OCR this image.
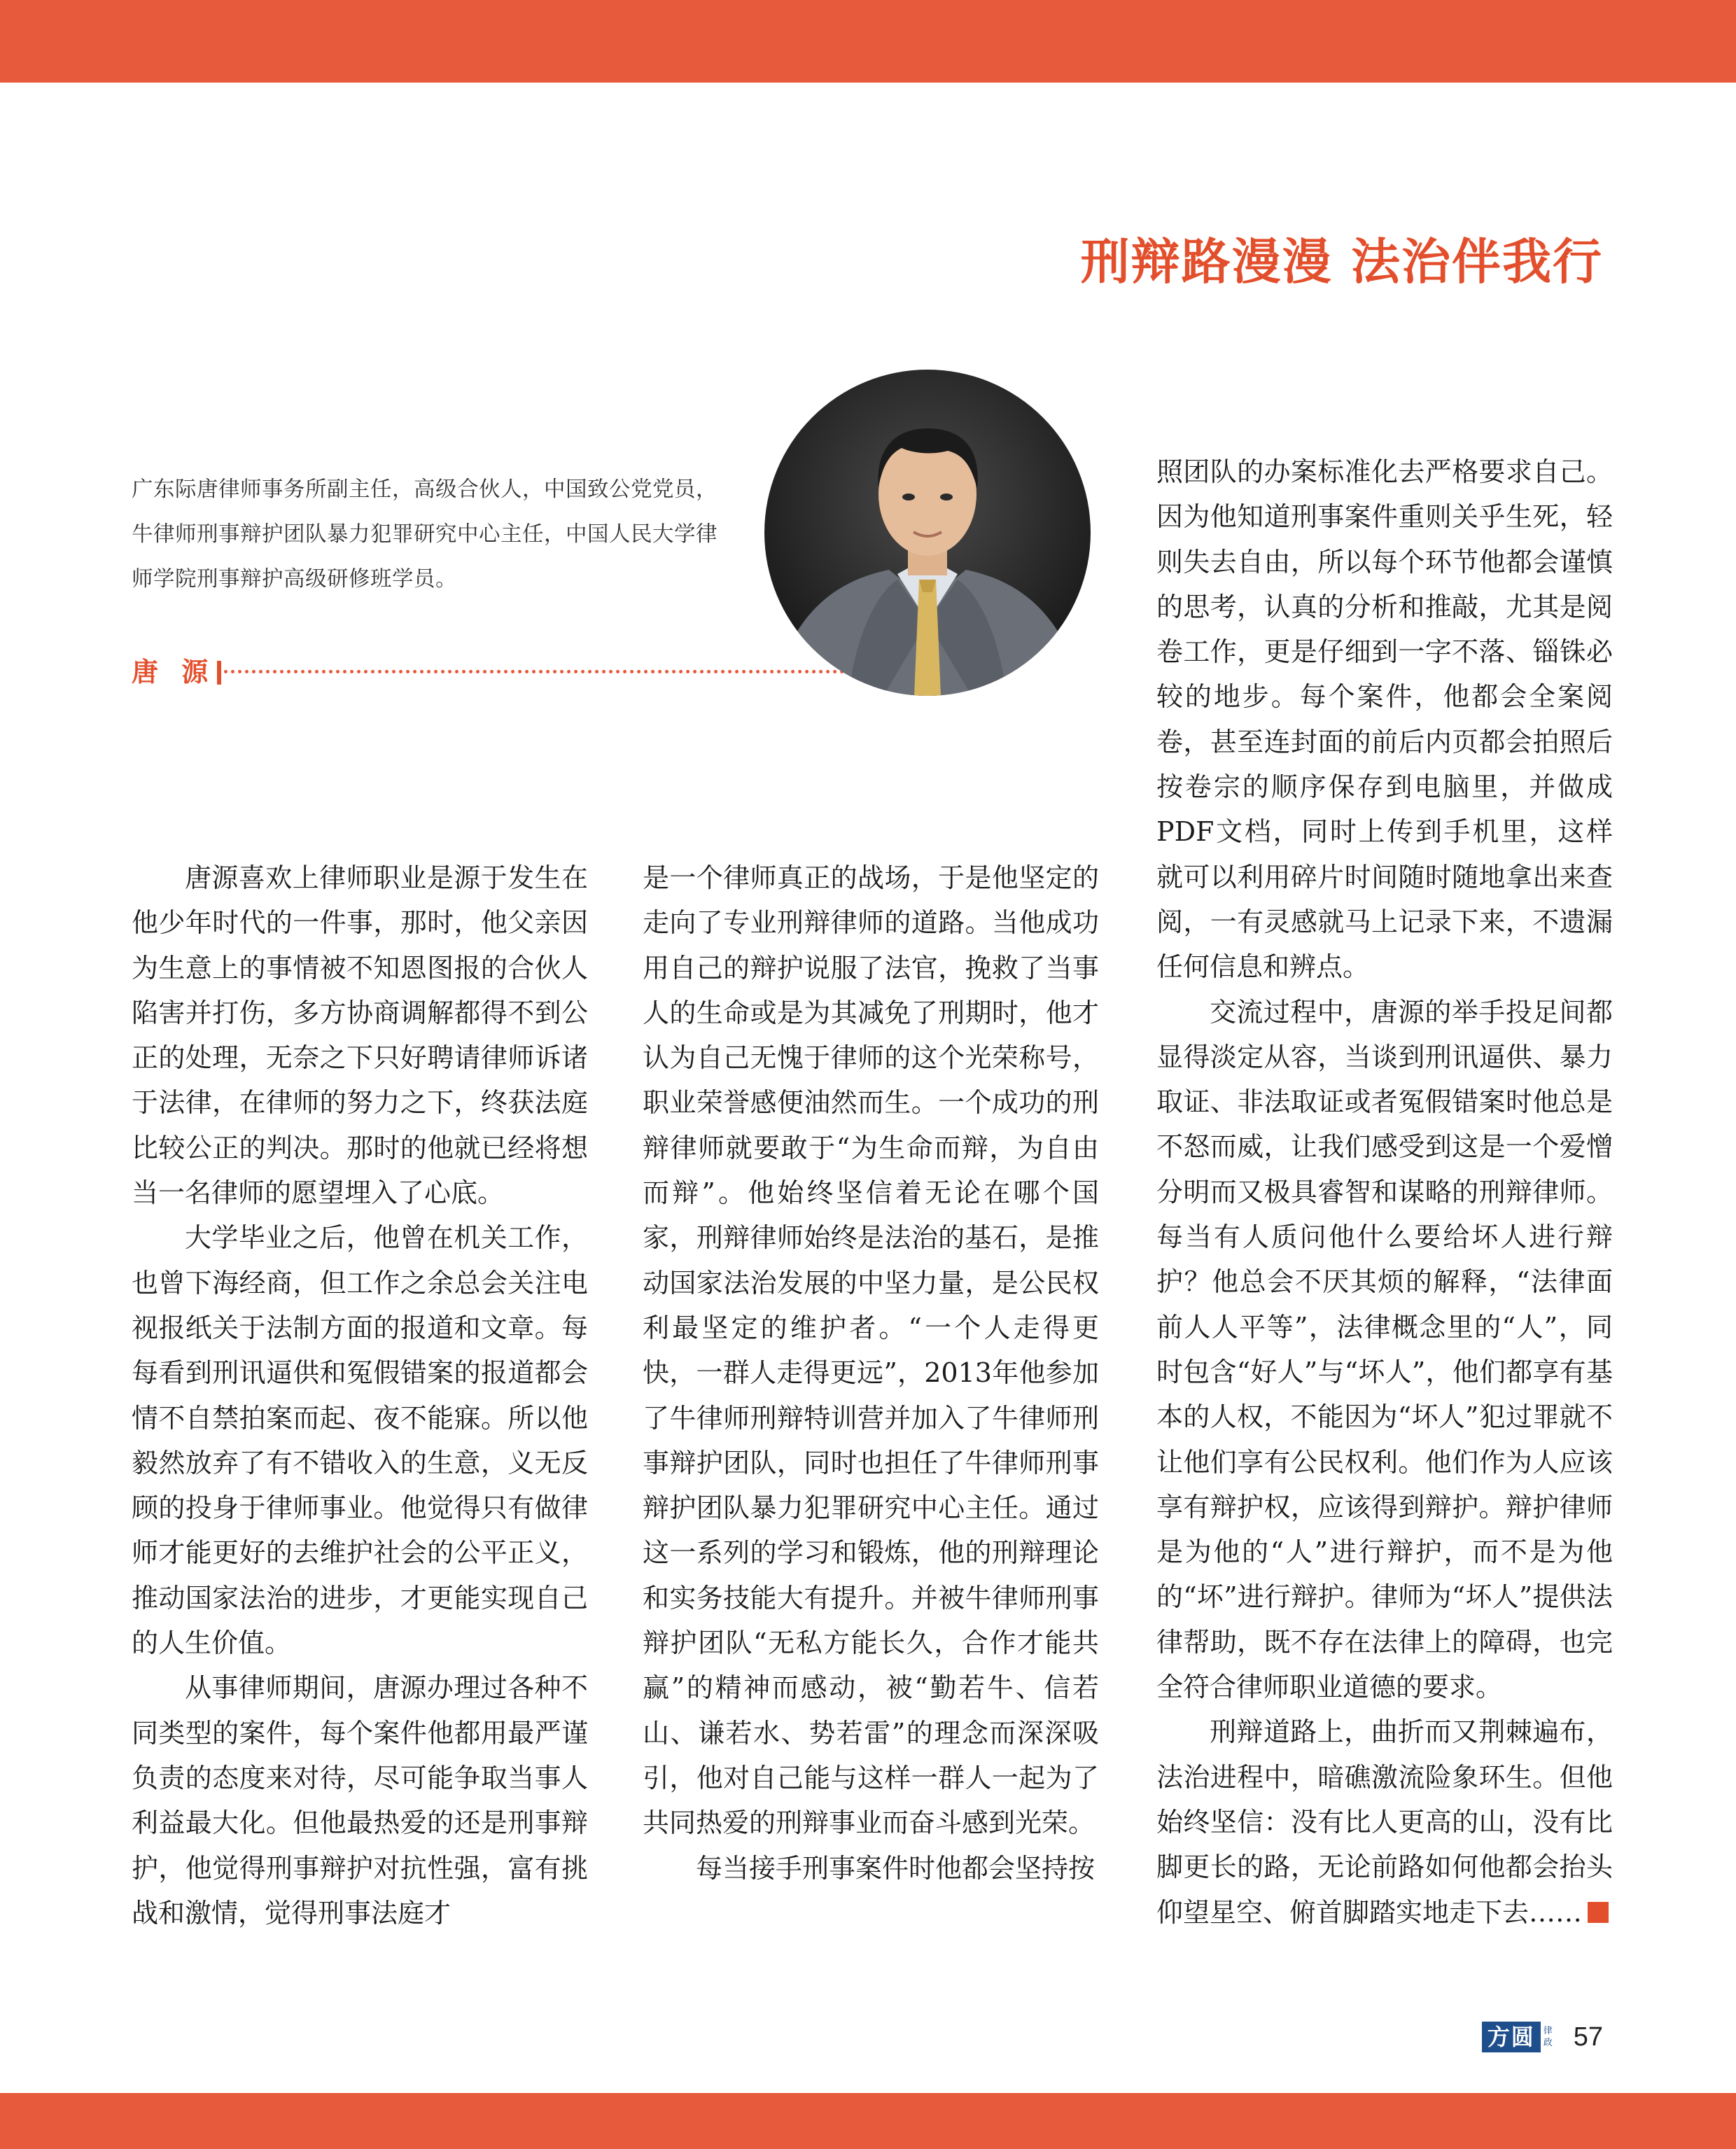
刑辩路漫漫 法治伴我行
广东际唐律师事务所副主任，高级合伙人，中国致公党党员，牛律师刑事辩护团队暴力犯罪研究中心主任，中国人民大学律师学院刑事辩护高级研修班学员。
唐 源

唐源喜欢上律师职业是源于发生在他少年时代的一件事，那时，他父亲因为生意上的事情被不知恩图报的合伙人陷害并打伤，多方协商调解都得不到公正的处理，无奈之下只好聘请律师诉诸于法律，在律师的努力之下，终获法庭比较公正的判决。那时的他就已经将想当一名律师的愿望埋入了心底。

大学毕业之后，他曾在机关工作，也曾下海经商，但工作之余总会关注电视报纸关于法制方面的报道和文章。每每看到刑讯逼供和冤假错案的报道都会情不自禁拍案而起、夜不能寐。所以他毅然放弃了有不错收入的生意，义无反顾的投身于律师事业。他觉得只有做律师才能更好的去维护社会的公平正义，推动国家法治的进步，才更能实现自己的人生价值。

从事律师期间，唐源办理过各种不同类型的案件，每个案件他都用最严谨负责的态度来对待，尽可能争取当事人利益最大化。但他最热爱的还是刑事辩护，他觉得刑事辩护对抗性强，富有挑战和激情，觉得刑事法庭才

是一个律师真正的战场，于是他坚定的走向了专业刑辩律师的道路。当他成功用自己的辩护说服了法官，挽救了当事人的生命或是为其减免了刑期时，他才认为自己无愧于律师的这个光荣称号，职业荣誉感便油然而生。一个成功的刑辩律师就要敢于“为生命而辩，为自由而辩”。他始终坚信着无论在哪个国家，刑辩律师始终是法治的基石，是推动国家法治发展的中坚力量，是公民权利最坚定的维护者。“一个人走得更快，一群人走得更远”，2013年他参加了牛律师刑辩特训营并加入了牛律师刑事辩护团队，同时也担任了牛律师刑事辩护团队暴力犯罪研究中心主任。通过这一系列的学习和锻炼，他的刑辩理论和实务技能大有提升。并被牛律师刑事辩护团队“无私方能长久，合作才能共赢”的精神而感动，被“勤若牛、信若山、谦若水、势若雷”的理念而深深吸引，他对自己能与这样一群人一起为了共同热爱的刑辩事业而奋斗感到光荣。

每当接手刑事案件时他都会坚持按

照团队的办案标准化去严格要求自己。因为他知道刑事案件重则关乎生死，轻则失去自由，所以每个环节他都会谨慎的思考，认真的分析和推敲，尤其是阅卷工作，更是仔细到一字不落、锱铢必较的地步。每个案件，他都会全案阅卷，甚至连封面的前后内页都会拍照后按卷宗的顺序保存到电脑里，并做成PDF文档，同时上传到手机里，这样就可以利用碎片时间随时随地拿出来查阅，一有灵感就马上记录下来，不遗漏任何信息和辨点。

交流过程中，唐源的举手投足间都显得淡定从容，当谈到刑讯逼供、暴力取证、非法取证或者冤假错案时他总是不怒而威，让我们感受到这是一个爱憎分明而又极具睿智和谋略的刑辩律师。每当有人质问他什么要给坏人进行辩护？他总会不厌其烦的解释，“法律面前人人平等”，法律概念里的“人”，同时包含“好人”与“坏人”，他们都享有基本的人权，不能因为“坏人”犯过罪就不让他们享有公民权利。他们作为人应该享有辩护权，应该得到辩护。辩护律师是为他的“人”进行辩护，而不是为他的“坏”进行辩护。律师为“坏人”提供法律帮助，既不存在法律上的障碍，也完全符合律师职业道德的要求。

刑辩道路上，曲折而又荆棘遍布，法治进程中，暗礁激流险象环生。但他始终坚信：没有比人更高的山，没有比脚更长的路，无论前路如何他都会抬头仰望星空、俯首脚踏实地走下去……

方圆 律
政 57
